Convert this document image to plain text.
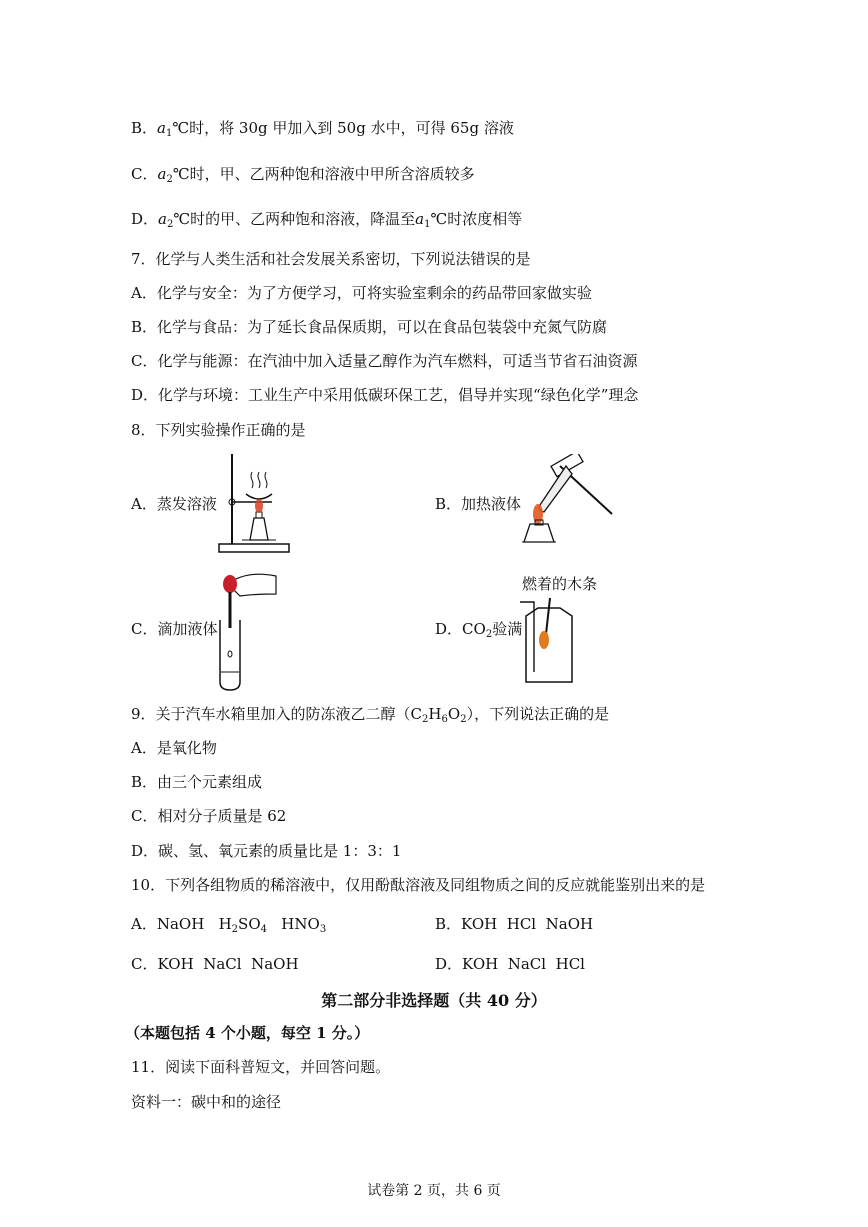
B．$a_1℃$时，将 30g 甲加入到 50g 水中，可得 65g 溶液
C．$a_2℃$时，甲、乙两种饱和溶液中甲所含溶质较多
D．$a_2℃$时的甲、乙两种饱和溶液，降温至$a_1℃$时浓度相等
7．化学与人类生活和社会发展关系密切，下列说法错误的是
A．化学与安全：为了方便学习，可将实验室剩余的药品带回家做实验
B．化学与食品：为了延长食品保质期，可以在食品包装袋中充氮气防腐
C．化学与能源：在汽油中加入适量乙醇作为汽车燃料，可适当节省石油资源
D．化学与环境：工业生产中采用低碳环保工艺，倡导并实现“绿色化学”理念
8．下列实验操作正确的是
A．蒸发溶液	B．加热液体
C．滴加液体	D．$CO_2$验满
燃着的木条
9．关于汽车水箱里加入的防冻液乙二醇$(C_2H_6O_2)$，下列说法正确的是
A．是氧化物
B．由三个元素组成
C．相对分子质量是 62
D．碳、氢、氧元素的质量比是 1：3：1
10．下列各组物质的稀溶液中，仅用酚酞溶液及同组物质之间的反应就能鉴别出来的是
A．NaOH   $H_2SO_4$   $HNO_3$	B．KOH  HCl  NaOH
C．KOH  NaCl  NaOH	D．KOH  NaCl  HCl
第二部分非选择题（共 40 分）
（本题包括 4 个小题，每空 1 分。）
11．阅读下面科普短文，并回答问题。
资料一：碳中和的途径
试卷第 2 页，共 6 页
